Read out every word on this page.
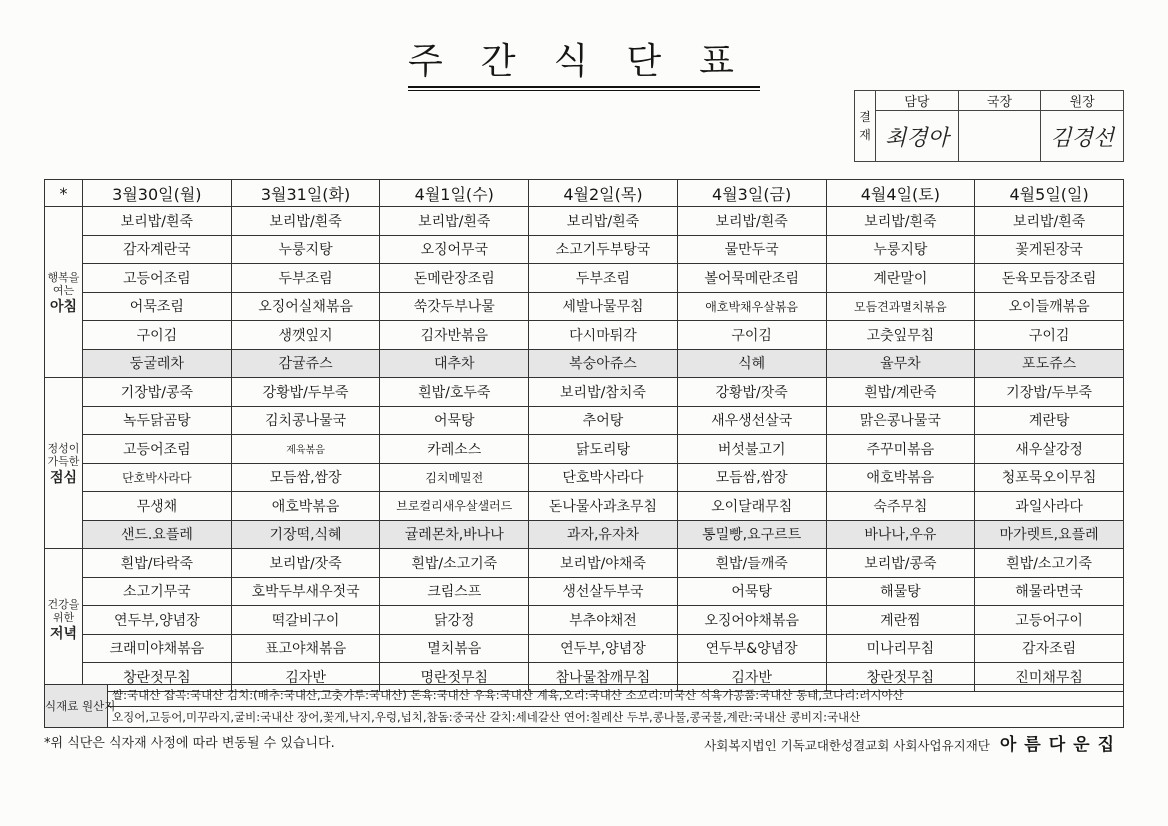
주간식단표
결재	담당	국장	원장
	최경아		김경선
*	3월30일(월)	3월31일(화)	4월1일(수)	4월2일(목)	4월3일(금)	4월4일(토)	4월5일(일)
행복을여는
아침	보리밥/흰죽	보리밥/흰죽	보리밥/흰죽	보리밥/흰죽	보리밥/흰죽	보리밥/흰죽	보리밥/흰죽
	감자계란국	누룽지탕	오징어무국	소고기두부탕국	물만두국	누룽지탕	꽃게된장국
	고등어조림	두부조림	돈메란장조림	두부조림	볼어묵메란조림	계란말이	돈육모듬장조림
	어묵조림	오징어실채볶음	쑥갓두부나물	세발나물무침	애호박채우살볶음	모듬견과멸치볶음	오이들깨볶음
	구이김	생깻잎지	김자반볶음	다시마튀각	구이김	고춧잎무침	구이김
	둥굴레차	감귤쥬스	대추차	복숭아쥬스	식혜	율무차	포도쥬스
정성이가득한
점심	기장밥/콩죽	강황밥/두부죽	흰밥/호두죽	보리밥/참치죽	강황밥/잣죽	흰밥/계란죽	기장밥/두부죽
	녹두닭곰탕	김치콩나물국	어묵탕	추어탕	새우생선살국	맑은콩나물국	계란탕
	고등어조림	제육볶음	카레소스	닭도리탕	버섯불고기	주꾸미볶음	새우살강정
	단호박사라다	모듬쌈,쌈장	김치메밀전	단호박사라다	모듬쌈,쌈장	애호박볶음	청포묵오이무침
	무생채	애호박볶음	브로컬리새우살샐러드	돈나물사과초무침	오이달래무침	숙주무침	과일사라다
	샌드.요플레	기장떡,식혜	귤레몬차,바나나	과자,유자차	통밀빵,요구르트	바나나,우유	마가렛트,요플레
건강을위한
저녁	흰밥/타락죽	보리밥/잣죽	흰밥/소고기죽	보리밥/야채죽	흰밥/들깨죽	보리밥/콩죽	흰밥/소고기죽
	소고기무국	호박두부새우젓국	크림스프	생선살두부국	어묵탕	해물탕	해물라면국
	연두부,양념장	떡갈비구이	닭강정	부추야채전	오징어야채볶음	계란찜	고등어구이
	크래미야채볶음	표고야채볶음	멸치볶음	연두부,양념장	연두부&양념장	미나리무침	감자조림
	창란젓무침	김자반	명란젓무침	참나물참깨무침	김자반	창란젓무침	진미채무침
식재료 원산지	쌀:국내산 잡곡:국내산 김치:(배추:국내산,고춧가루:국내산) 돈육:국내산 우육:국내산 계육,오리:국내산 소꼬리:미국산 식육가공품:국내산 동태,코다리:러시아산
오징어,고등어,미꾸라지,굴비:국내산 장어,꽃게,낙지,우렁,넙치,참돔:중국산 갈치:세네갈산 연어:칠레산 두부,콩나물,콩국물,계란:국내산 콩비지:국내산
*위 식단은 식자재 사정에 따라 변동될 수 있습니다.	사회복지법인 기독교대한성결교회 사회사업유지재단 아름다운집
